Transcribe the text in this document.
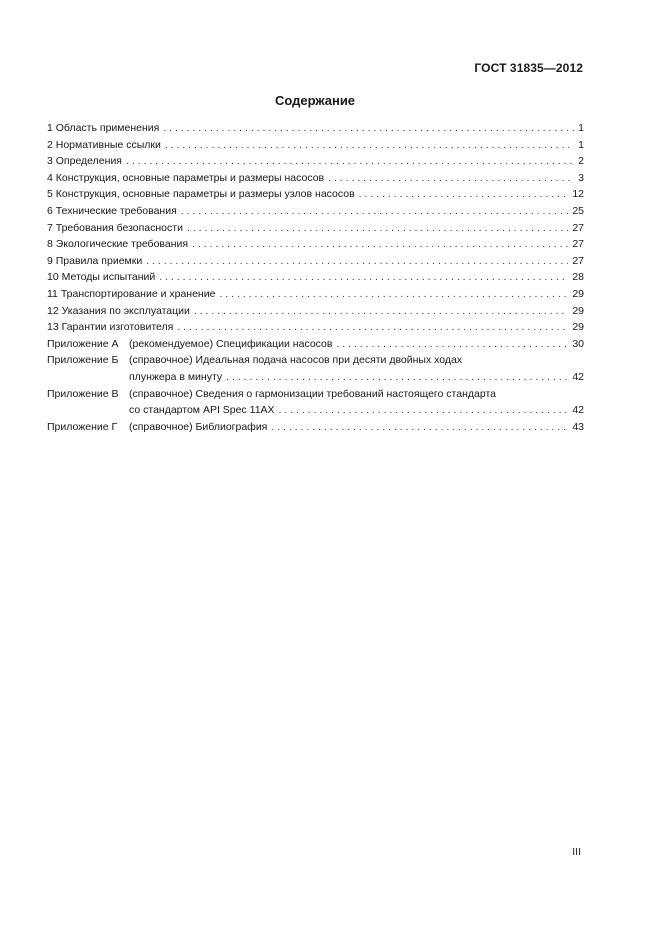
ГОСТ 31835—2012
Содержание
1 Область применения . . .	1
2 Нормативные ссылки . . .	1
3 Определения . . .	2
4 Конструкция, основные параметры и размеры насосов . . .	3
5 Конструкция, основные параметры и размеры узлов насосов . . .	12
6 Технические требования . . .	25
7 Требования безопасности . . .	27
8 Экологические требования . . .	27
9 Правила приемки . . .	27
10 Методы испытаний . . .	28
11 Транспортирование и хранение . . .	29
12 Указания по эксплуатации . . .	29
13 Гарантии изготовителя . . .	29
Приложение А (рекомендуемое) Спецификации насосов . . .	30
Приложение Б	(справочное) Идеальная подача насосов при десяти двойных ходах
плунжера в минуту . . .	42
Приложение В (справочное) Сведения о гармонизации требований настоящего стандарта
со стандартом API Spec 11AX . . .	42
Приложение Г	(справочное) Библиография . . .	43
III
